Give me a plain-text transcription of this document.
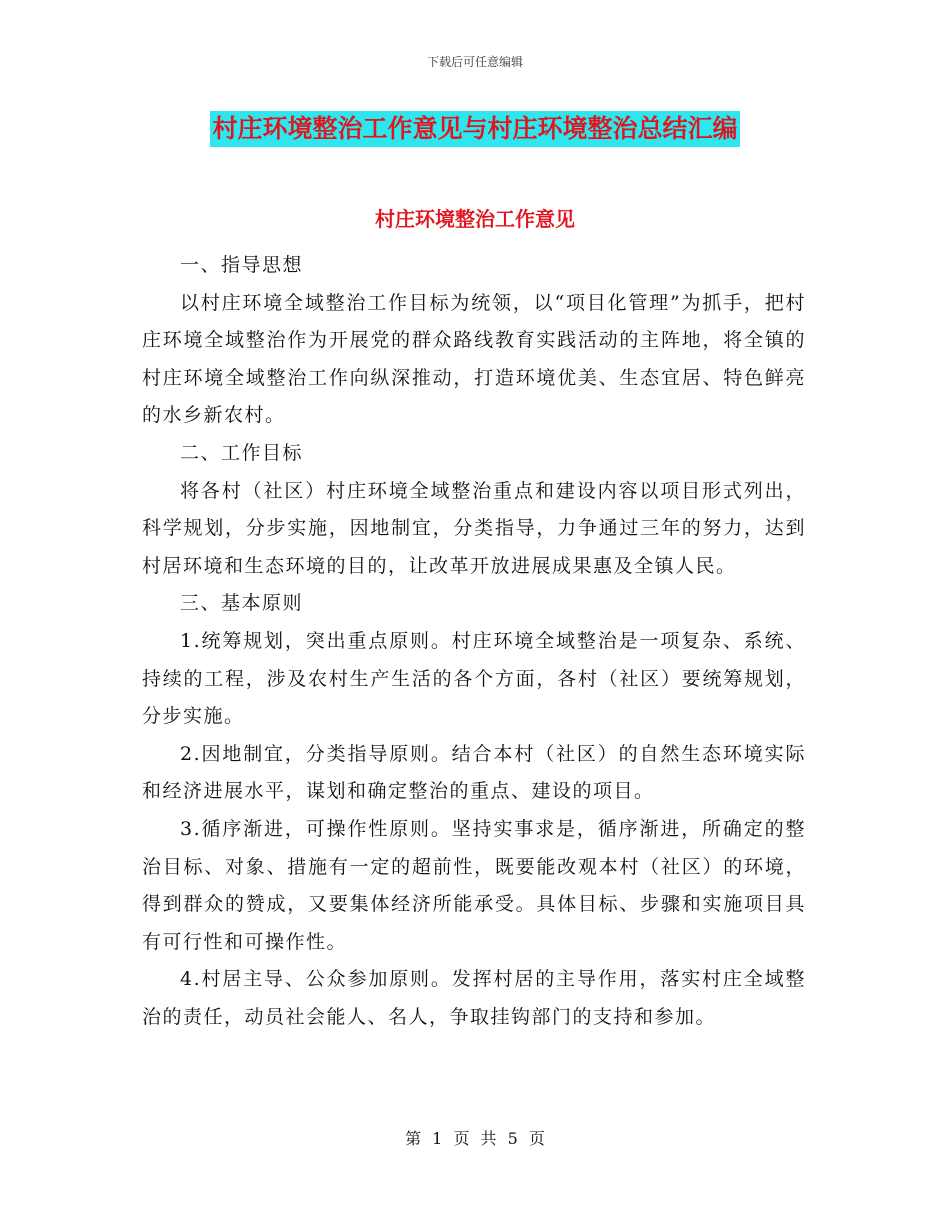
下载后可任意编辑
村庄环境整治工作意见与村庄环境整治总结汇编
村庄环境整治工作意见

一、指导思想

以村庄环境全域整治工作目标为统领，以“项目化管理”为抓手，把村庄环境全域整治作为开展党的群众路线教育实践活动的主阵地，将全镇的村庄环境全域整治工作向纵深推动，打造环境优美、生态宜居、特色鲜亮的水乡新农村。

二、工作目标

将各村（社区）村庄环境全域整治重点和建设内容以项目形式列出，科学规划，分步实施，因地制宜，分类指导，力争通过三年的努力，达到村居环境和生态环境的目的，让改革开放进展成果惠及全镇人民。

三、基本原则

1.统筹规划，突出重点原则。村庄环境全域整治是一项复杂、系统、持续的工程，涉及农村生产生活的各个方面，各村（社区）要统筹规划，分步实施。

2.因地制宜，分类指导原则。结合本村（社区）的自然生态环境实际和经济进展水平，谋划和确定整治的重点、建设的项目。

3.循序渐进，可操作性原则。坚持实事求是，循序渐进，所确定的整治目标、对象、措施有一定的超前性，既要能改观本村（社区）的环境，得到群众的赞成，又要集体经济所能承受。具体目标、步骤和实施项目具有可行性和可操作性。

4.村居主导、公众参加原则。发挥村居的主导作用，落实村庄全域整治的责任，动员社会能人、名人，争取挂钩部门的支持和参加。

第 1 页 共 5 页
